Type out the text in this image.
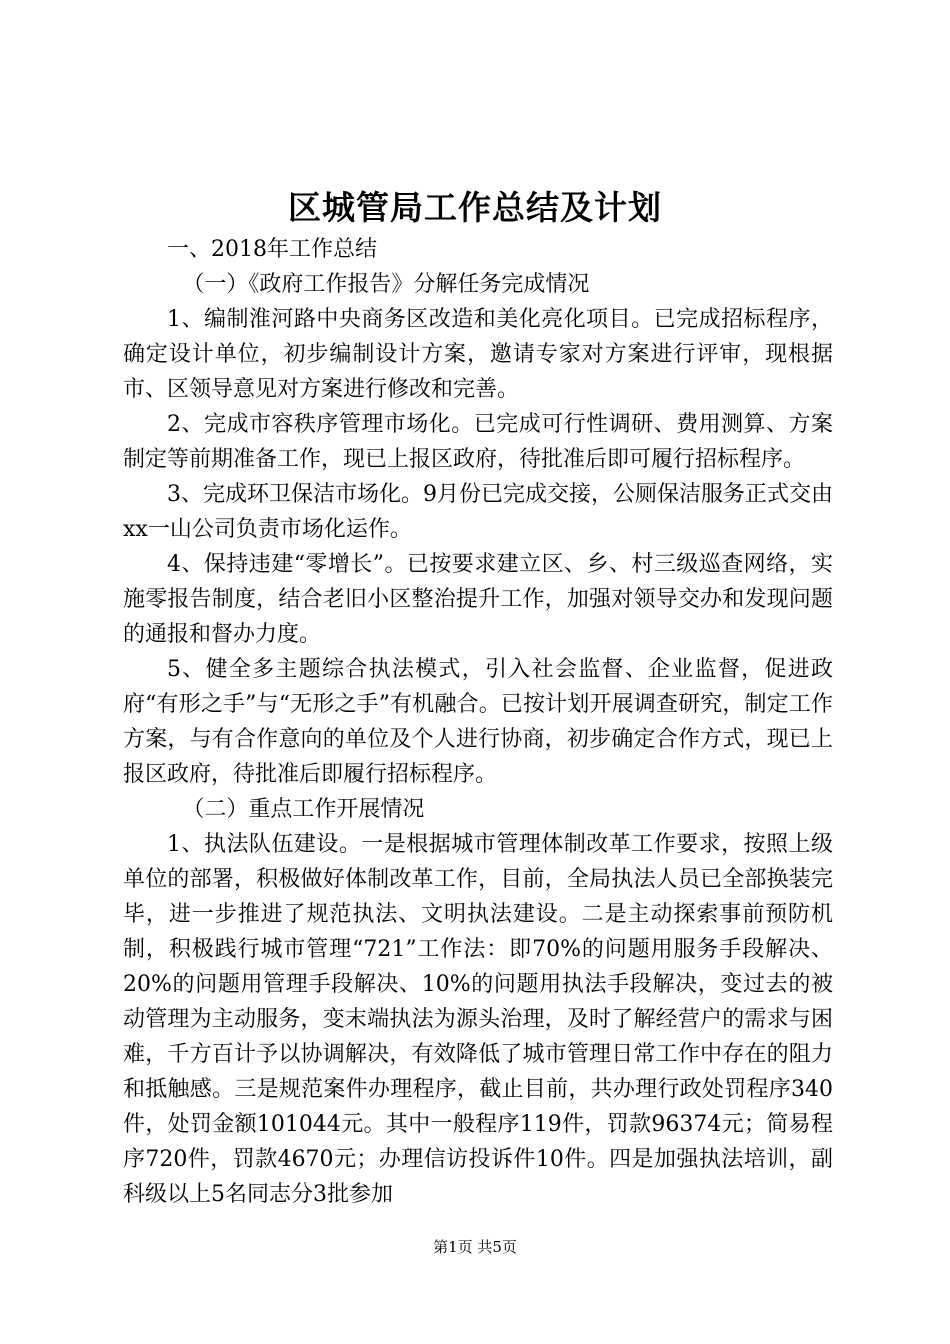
区城管局工作总结及计划

一、2018年工作总结

（一）《政府工作报告》分解任务完成情况

1、编制淮河路中央商务区改造和美化亮化项目。已完成招标程序，确定设计单位，初步编制设计方案，邀请专家对方案进行评审，现根据市、区领导意见对方案进行修改和完善。

2、完成市容秩序管理市场化。已完成可行性调研、费用测算、方案制定等前期准备工作，现已上报区政府，待批准后即可履行招标程序。

3、完成环卫保洁市场化。9月份已完成交接，公厕保洁服务正式交由xx一山公司负责市场化运作。

4、保持违建“零增长”。已按要求建立区、乡、村三级巡查网络，实施零报告制度，结合老旧小区整治提升工作，加强对领导交办和发现问题的通报和督办力度。

5、健全多主题综合执法模式，引入社会监督、企业监督，促进政府“有形之手”与“无形之手”有机融合。已按计划开展调查研究，制定工作方案，与有合作意向的单位及个人进行协商，初步确定合作方式，现已上报区政府，待批准后即履行招标程序。

（二）重点工作开展情况

1、执法队伍建设。一是根据城市管理体制改革工作要求，按照上级单位的部署，积极做好体制改革工作，目前，全局执法人员已全部换装完毕，进一步推进了规范执法、文明执法建设。二是主动探索事前预防机制，积极践行城市管理“721”工作法：即70%的问题用服务手段解决、20%的问题用管理手段解决、10%的问题用执法手段解决，变过去的被动管理为主动服务，变末端执法为源头治理，及时了解经营户的需求与困难，千方百计予以协调解决，有效降低了城市管理日常工作中存在的阻力和抵触感。三是规范案件办理程序，截止目前，共办理行政处罚程序340件，处罚金额101044元。其中一般程序119件，罚款96374元；简易程序720件，罚款4670元；办理信访投诉件10件。四是加强执法培训，副科级以上5名同志分3批参加

第1页 共5页
